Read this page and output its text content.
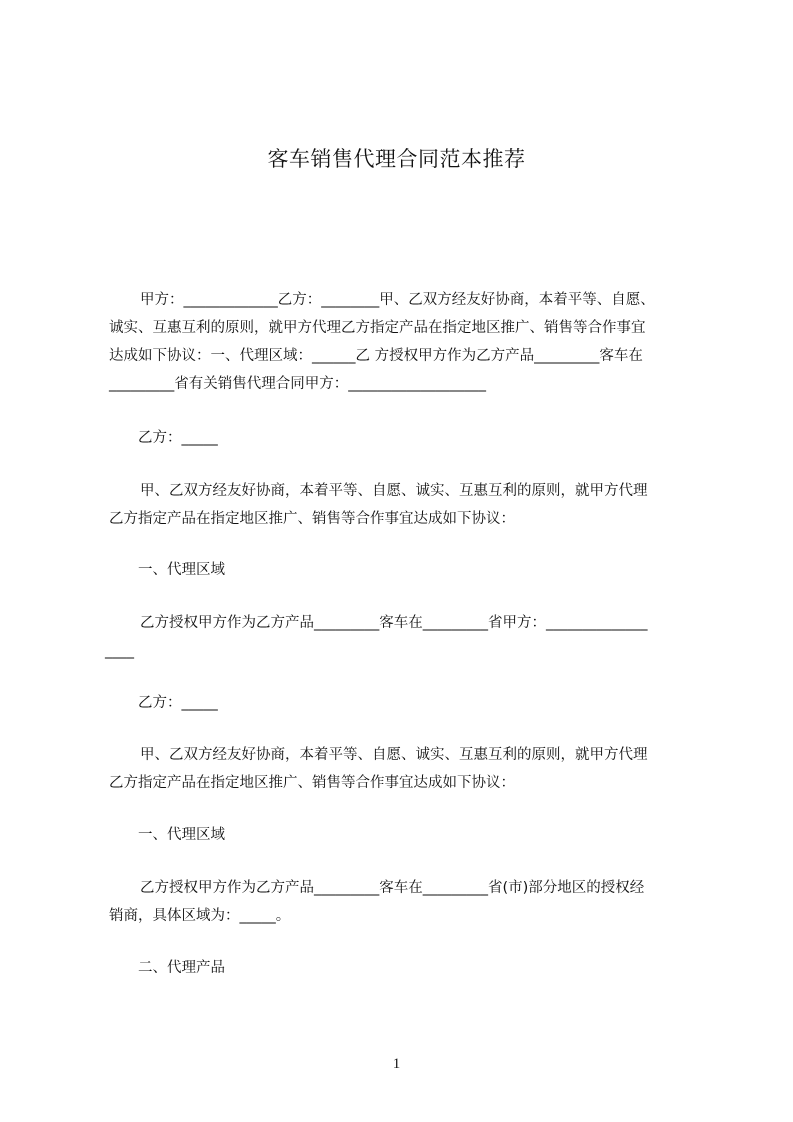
客车销售代理合同范本推荐
甲方：_____________乙方：________甲、乙双方经友好协商，本着平等、自愿、
诚实、互惠互利的原则，就甲方代理乙方指定产品在指定地区推广、销售等合作事宜
达成如下协议：一、代理区域：______乙 方授权甲方作为乙方产品_________客车在
_________省有关销售代理合同甲方：___________________
乙方：_____
甲、乙双方经友好协商，本着平等、自愿、诚实、互惠互利的原则，就甲方代理
乙方指定产品在指定地区推广、销售等合作事宜达成如下协议：
一、代理区域
乙方授权甲方作为乙方产品_________客车在_________省甲方：______________
____
乙方：_____
甲、乙双方经友好协商，本着平等、自愿、诚实、互惠互利的原则，就甲方代理
乙方指定产品在指定地区推广、销售等合作事宜达成如下协议：
一、代理区域
乙方授权甲方作为乙方产品_________客车在_________省(市)部分地区的授权经
销商，具体区域为：_____。
二、代理产品
1
